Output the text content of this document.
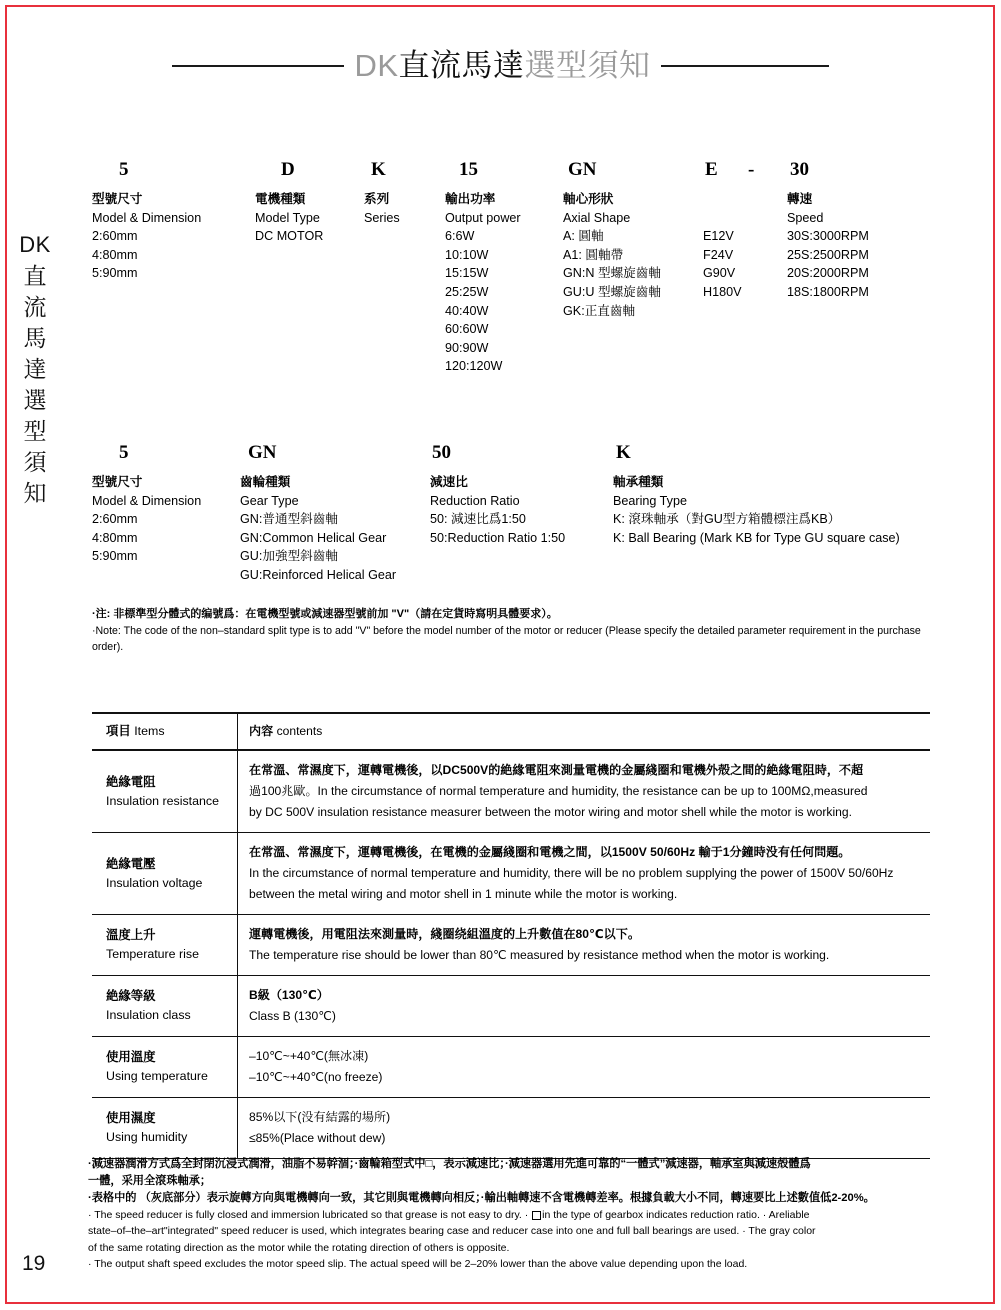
DK直流馬達選型須知
DK
直
流
馬
達
選
型
須
知
19
5
型號尺寸
Model & Dimension
2:60mm
4:80mm
5:90mm
D
電機種類
Model Type
DC MOTOR
K
系列
Series
15
輸出功率
Output power
6:6W
10:10W
15:15W
25:25W
40:40W
60:60W
90:90W
120:120W
GN
軸心形狀
Axial Shape
A: 圓軸
A1: 圓軸帶
GN:N 型螺旋齒軸
GU:U 型螺旋齒軸
GK:正直齒軸
E
E12V
F24V
G90V
H180V
- 30
轉速
Speed
30S:3000RPM
25S:2500RPM
20S:2000RPM
18S:1800RPM
5
型號尺寸
Model & Dimension
2:60mm
4:80mm
5:90mm
GN
齒輪種類
Gear Type
GN:普通型斜齒軸
GN:Common Helical Gear
GU:加強型斜齒軸
GU:Reinforced Helical Gear
50
減速比
Reduction Ratio
50: 減速比爲1:50
50:Reduction Ratio 1:50
K
軸承種類
Bearing Type
K: 滾珠軸承（對GU型方箱體標注爲KB）
K: Ball Bearing (Mark KB for Type GU square case)
·注: 非標準型分體式的编號爲：在電機型號或減速器型號前加 "V"（請在定貨時寫明具體要求）。
·Note: The code of the non–standard split type is to add "V" before the model number of the motor or reducer (Please specify the detailed parameter requirement in the purchase order).
項目 Items	内容 contents
絶緣電阻
Insulation resistance
在常溫、常濕度下，運轉電機後，以DC500V的絶緣電阻來測量電機的金屬綫圈和電機外殻之間的絶緣電阻時，不超
過100兆歐。In the circumstance of normal temperature and humidity, the resistance can be up to 100MΩ,measured
by DC 500V insulation resistance measurer between the motor wiring and motor shell while the motor is working.
絶緣電壓
Insulation voltage
在常溫、常濕度下，運轉電機後，在電機的金屬綫圈和電機之間，以1500V 50/60Hz 輸于1分鐘時没有任何問題。
In the circumstance of normal temperature and humidity, there will be no problem supplying the power of 1500V 50/60Hz
between the metal wiring and motor shell in 1 minute while the motor is working.
溫度上升
Temperature rise
運轉電機後，用電阻法來測量時，綫圈绕組溫度的上升數值在80℃以下。
The temperature rise should be lower than 80℃ measured by resistance method when the motor is working.
絶緣等級
Insulation class
B級（130℃）
Class B (130℃)
使用溫度
Using temperature
–10℃~+40℃(無冰凍)
–10℃~+40℃(no freeze)
使用濕度
Using humidity
85%以下(没有結露的場所)
≤85%(Place without dew)
·減速器潤滑方式爲全封閉沉浸式潤滑，油脂不易幹涸；·齒輪箱型式中□，表示減速比；·減速器選用先進可靠的“一體式”減速器，軸承室與減速殻體爲
一體，采用全滾珠軸承；
·表格中的 （灰底部分）表示旋轉方向與電機轉向一致，其它則與電機轉向相反；·輸出軸轉速不含電機轉差率。根據負載大小不同，轉速要比上述數值低2-20%。
· The speed reducer is fully closed and immersion lubricated so that grease is not easy to dry. · in the type of gearbox indicates reduction ratio. · Areliable
state–of–the–art"integrated" speed reducer is used, which integrates bearing case and reducer case into one and full ball bearings are used. · The gray color
of the same rotating direction as the motor while the rotating direction of others is opposite.
· The output shaft speed excludes the motor speed slip. The actual speed will be 2–20% lower than the above value depending upon the load.
